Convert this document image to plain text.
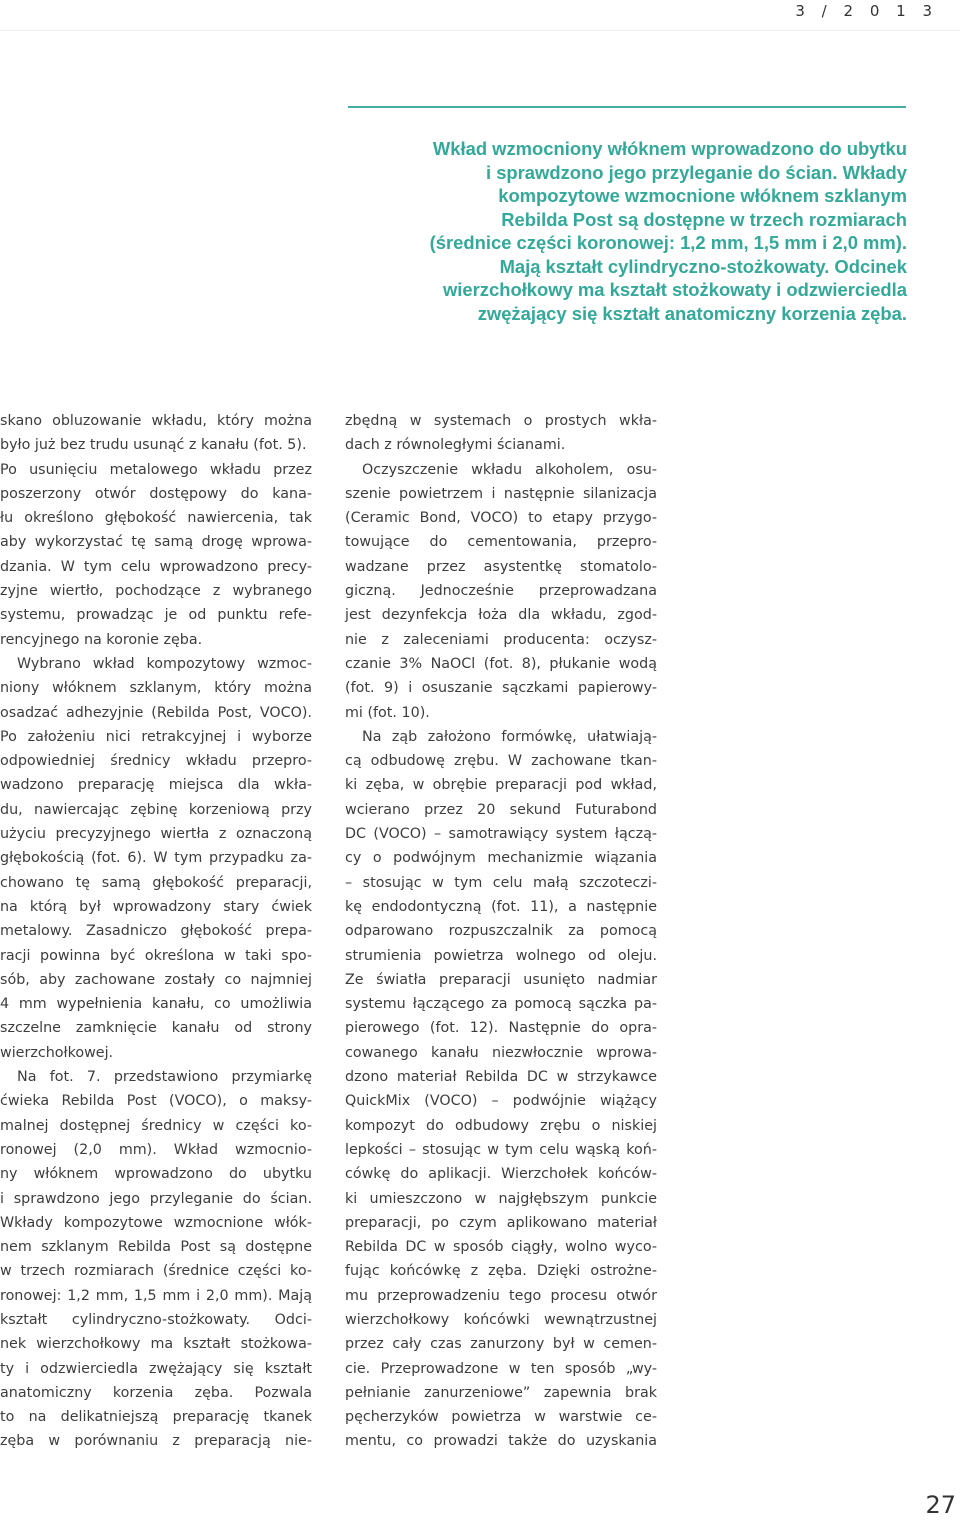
3 / 2 0 1 3
Wkład wzmocniony włóknem wprowadzono do ubytku
i sprawdzono jego przyleganie do ścian. Wkłady
kompozytowe wzmocnione włóknem szklanym
Rebilda Post są dostępne w trzech rozmiarach
(średnice części koronowej: 1,2 mm, 1,5 mm i 2,0 mm).
Mają kształt cylindryczno-stożkowaty. Odcinek
wierzchołkowy ma kształt stożkowaty i odzwierciedla
zwężający się kształt anatomiczny korzenia zęba.
skano obluzowanie wkładu, który można
było już bez trudu usunąć z kanału (fot. 5).
Po usunięciu metalowego wkładu przez
poszerzony otwór dostępowy do kana-
łu określono głębokość nawiercenia, tak
aby wykorzystać tę samą drogę wprowa-
dzania. W tym celu wprowadzono precy-
zyjne wiertło, pochodzące z wybranego
systemu, prowadząc je od punktu refe-
rencyjnego na koronie zęba.
Wybrano wkład kompozytowy wzmoc-
niony włóknem szklanym, który można
osadzać adhezyjnie (Rebilda Post, VOCO).
Po założeniu nici retrakcyjnej i wyborze
odpowiedniej średnicy wkładu przepro-
wadzono preparację miejsca dla wkła-
du, nawiercając zębinę korzeniową przy
użyciu precyzyjnego wiertła z oznaczoną
głębokością (fot. 6). W tym przypadku za-
chowano tę samą głębokość preparacji,
na którą był wprowadzony stary ćwiek
metalowy. Zasadniczo głębokość prepa-
racji powinna być określona w taki spo-
sób, aby zachowane zostały co najmniej
4 mm wypełnienia kanału, co umożliwia
szczelne zamknięcie kanału od strony
wierzchołkowej.
Na fot. 7. przedstawiono przymiarkę
ćwieka Rebilda Post (VOCO), o maksy-
malnej dostępnej średnicy w części ko-
ronowej (2,0 mm). Wkład wzmocnio-
ny włóknem wprowadzono do ubytku
i sprawdzono jego przyleganie do ścian.
Wkłady kompozytowe wzmocnione włók-
nem szklanym Rebilda Post są dostępne
w trzech rozmiarach (średnice części ko-
ronowej: 1,2 mm, 1,5 mm i 2,0 mm). Mają
kształt cylindryczno-stożkowaty. Odci-
nek wierzchołkowy ma kształt stożkowa-
ty i odzwierciedla zwężający się kształt
anatomiczny korzenia zęba. Pozwala
to na delikatniejszą preparację tkanek
zęba w porównaniu z preparacją nie-
zbędną w systemach o prostych wkła-
dach z równoległymi ścianami.
Oczyszczenie wkładu alkoholem, osu-
szenie powietrzem i następnie silanizacja
(Ceramic Bond, VOCO) to etapy przygo-
towujące do cementowania, przepro-
wadzane przez asystentkę stomatolo-
giczną. Jednocześnie przeprowadzana
jest dezynfekcja łoża dla wkładu, zgod-
nie z zaleceniami producenta: oczysz-
czanie 3% NaOCl (fot. 8), płukanie wodą
(fot. 9) i osuszanie sączkami papierowy-
mi (fot. 10).
Na ząb założono formówkę, ułatwiają-
cą odbudowę zrębu. W zachowane tkan-
ki zęba, w obrębie preparacji pod wkład,
wcierano przez 20 sekund Futurabond
DC (VOCO) – samotrawiący system łączą-
cy o podwójnym mechanizmie wiązania
– stosując w tym celu małą szczoteczi-
kę endodontyczną (fot. 11), a następnie
odparowano rozpuszczalnik za pomocą
strumienia powietrza wolnego od oleju.
Ze światła preparacji usunięto nadmiar
systemu łączącego za pomocą sączka pa-
pierowego (fot. 12). Następnie do opra-
cowanego kanału niezwłocznie wprowa-
dzono materiał Rebilda DC w strzykawce
QuickMix (VOCO) – podwójnie wiążący
kompozyt do odbudowy zrębu o niskiej
lepkości – stosując w tym celu wąską koń-
cówkę do aplikacji. Wierzchołek końców-
ki umieszczono w najgłębszym punkcie
preparacji, po czym aplikowano materiał
Rebilda DC w sposób ciągły, wolno wyco-
fując końcówkę z zęba. Dzięki ostrożne-
mu przeprowadzeniu tego procesu otwór
wierzchołkowy końcówki wewnątrzustnej
przez cały czas zanurzony był w cemen-
cie. Przeprowadzone w ten sposób „wy-
pełnianie zanurzeniowe” zapewnia brak
pęcherzyków powietrza w warstwie ce-
mentu, co prowadzi także do uzyskania
27
